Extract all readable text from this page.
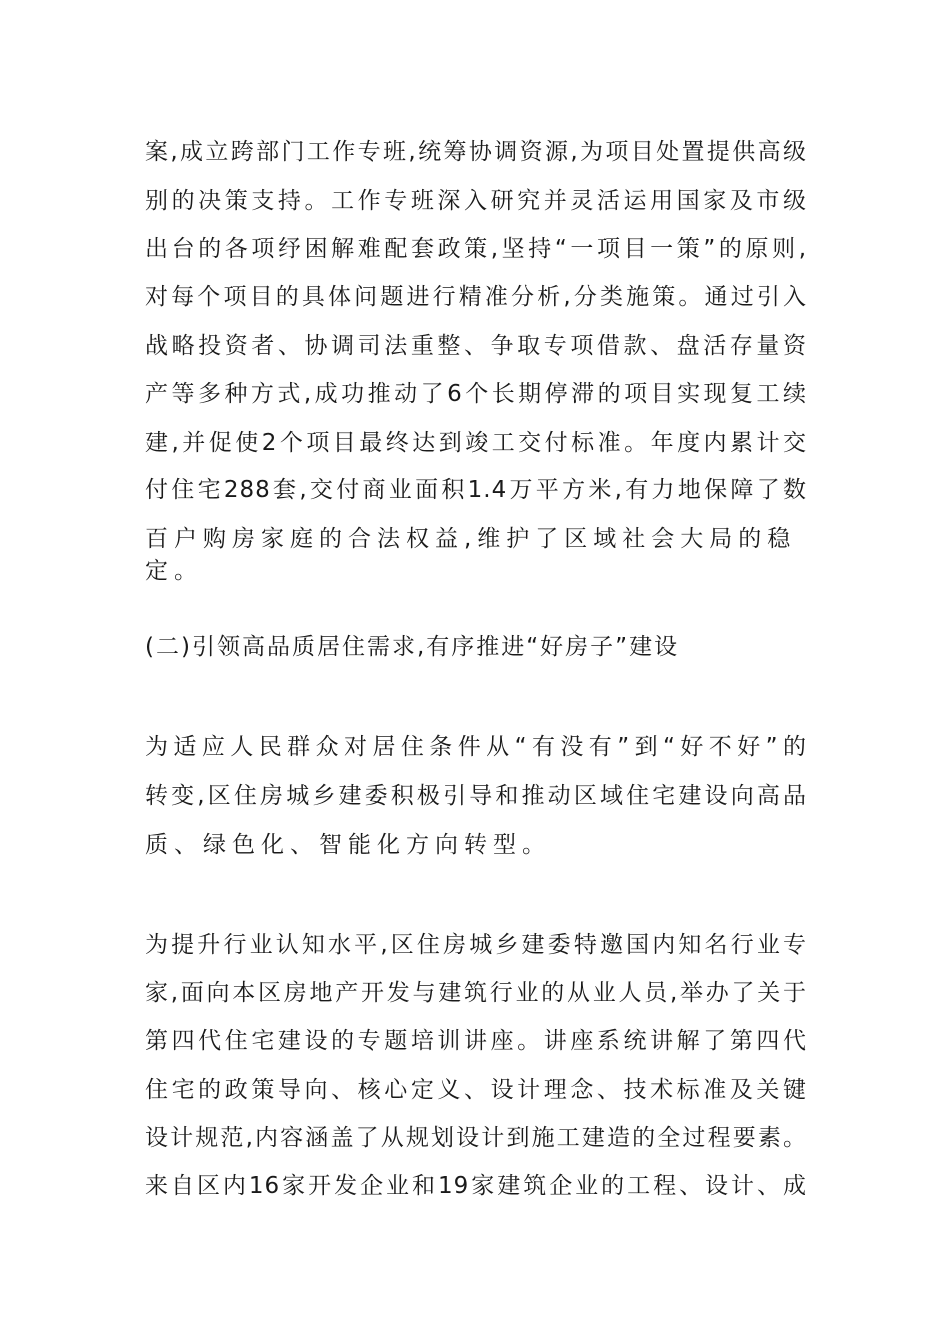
案,成立跨部门工作专班,统筹协调资源,为项目处置提供高级
别的决策支持。工作专班深入研究并灵活运用国家及市级
出台的各项纾困解难配套政策,坚持“一项目一策”的原则,
对每个项目的具体问题进行精准分析,分类施策。通过引入
战略投资者、协调司法重整、争取专项借款、盘活存量资
产等多种方式,成功推动了6个长期停滞的项目实现复工续
建,并促使2个项目最终达到竣工交付标准。年度内累计交
付住宅288套,交付商业面积1.4万平方米,有力地保障了数
百户购房家庭的合法权益,维护了区域社会大局的稳定。
(二)引领高品质居住需求,有序推进“好房子”建设
为适应人民群众对居住条件从“有没有”到“好不好”的
转变,区住房城乡建委积极引导和推动区域住宅建设向高品
质、绿色化、智能化方向转型。
为提升行业认知水平,区住房城乡建委特邀国内知名行业专
家,面向本区房地产开发与建筑行业的从业人员,举办了关于
第四代住宅建设的专题培训讲座。讲座系统讲解了第四代
住宅的政策导向、核心定义、设计理念、技术标准及关键
设计规范,内容涵盖了从规划设计到施工建造的全过程要素。
来自区内16家开发企业和19家建筑企业的工程、设计、成
